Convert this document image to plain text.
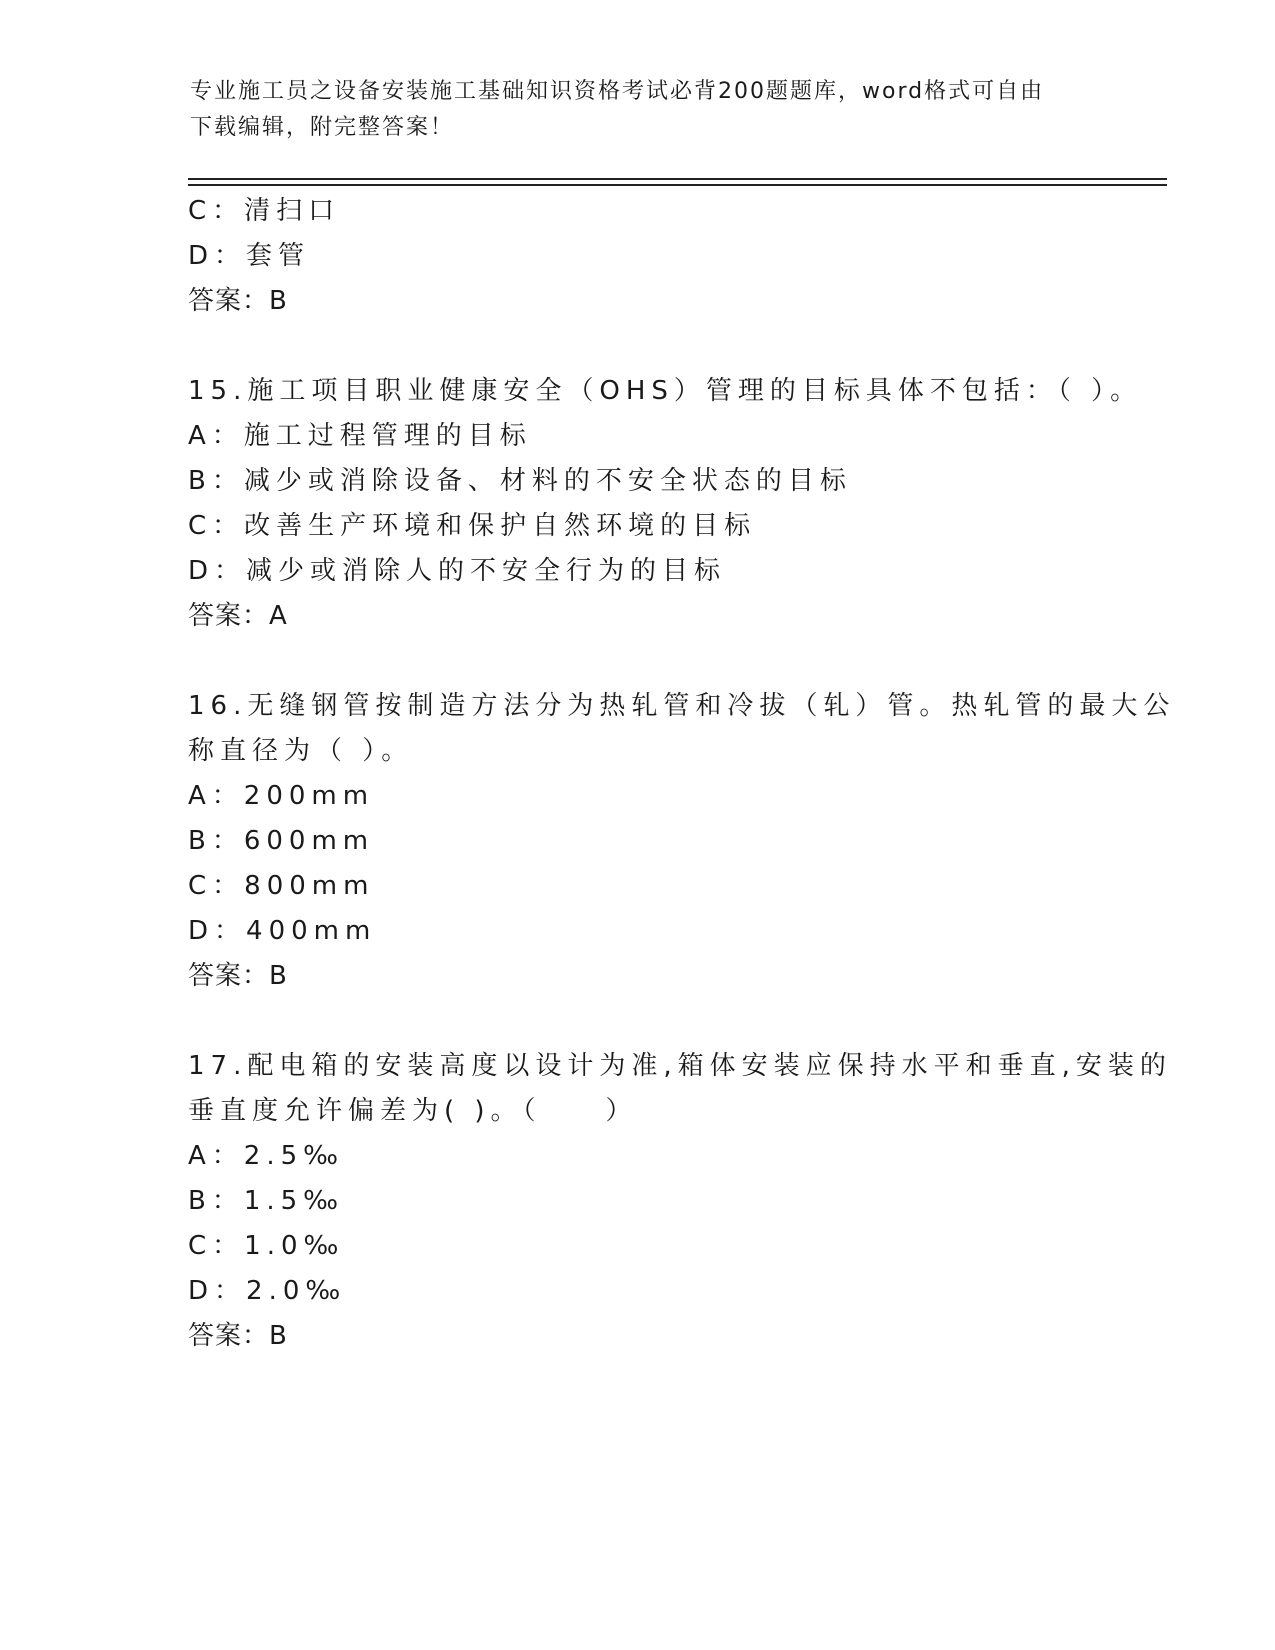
专业施工员之设备安装施工基础知识资格考试必背200题题库，word格式可自由
下载编辑，附完整答案！
C：清扫口
D：套管
答案：B
15.施工项目职业健康安全（OHS）管理的目标具体不包括：（ ）。
A：施工过程管理的目标
B：减少或消除设备、材料的不安全状态的目标
C：改善生产环境和保护自然环境的目标
D：减少或消除人的不安全行为的目标
答案：A
16.无缝钢管按制造方法分为热轧管和冷拔（轧）管。热轧管的最大公
称直径为（ ）。
A：200mm
B：600mm
C：800mm
D：400mm
答案：B
17.配电箱的安装高度以设计为准,箱体安装应保持水平和垂直,安装的
垂直度允许偏差为( )。（　　）
A：2.5‰
B：1.5‰
C：1.0‰
D：2.0‰
答案：B
